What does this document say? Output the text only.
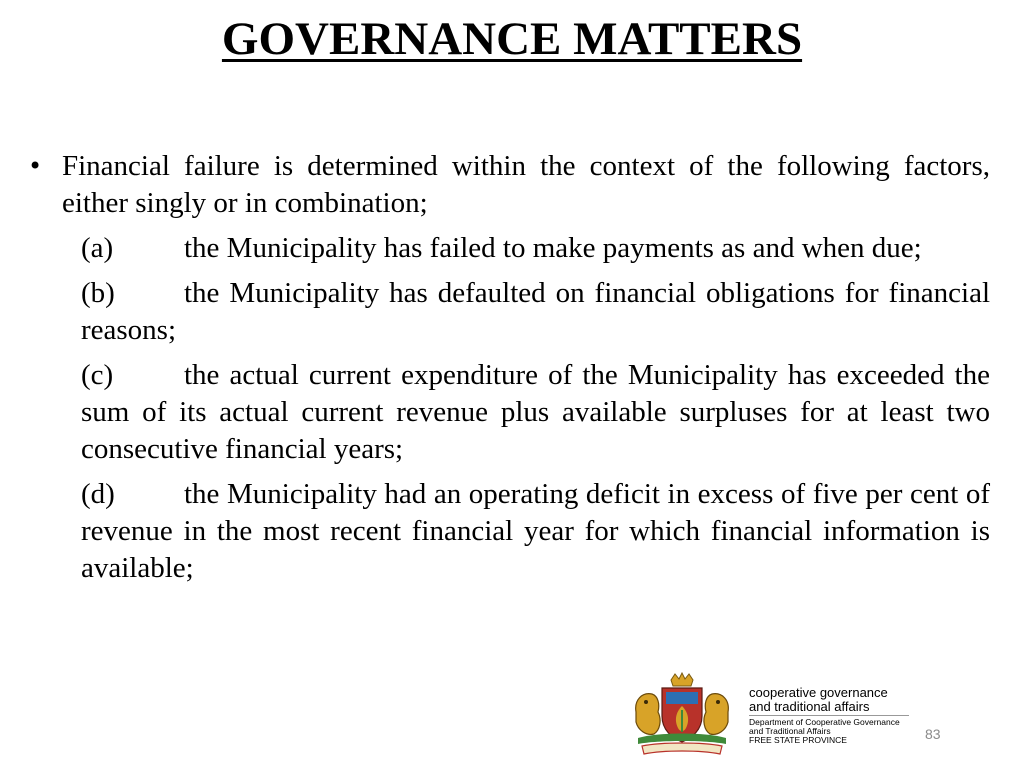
GOVERNANCE MATTERS
• Financial failure is determined within the context of the following factors, either singly or in combination;
(a) the Municipality has failed to make payments as and when due;
(b) the Municipality has defaulted on financial obligations for financial reasons;
(c) the actual current expenditure of the Municipality has exceeded the sum of its actual current revenue plus available surpluses for at least two consecutive financial years;
(d) the Municipality had an operating deficit in excess of five per cent of revenue in the most recent financial year for which financial information is available;
cooperative governance
and traditional affairs
Department of Cooperative Governance
and Traditional Affairs
FREE STATE PROVINCE	83
